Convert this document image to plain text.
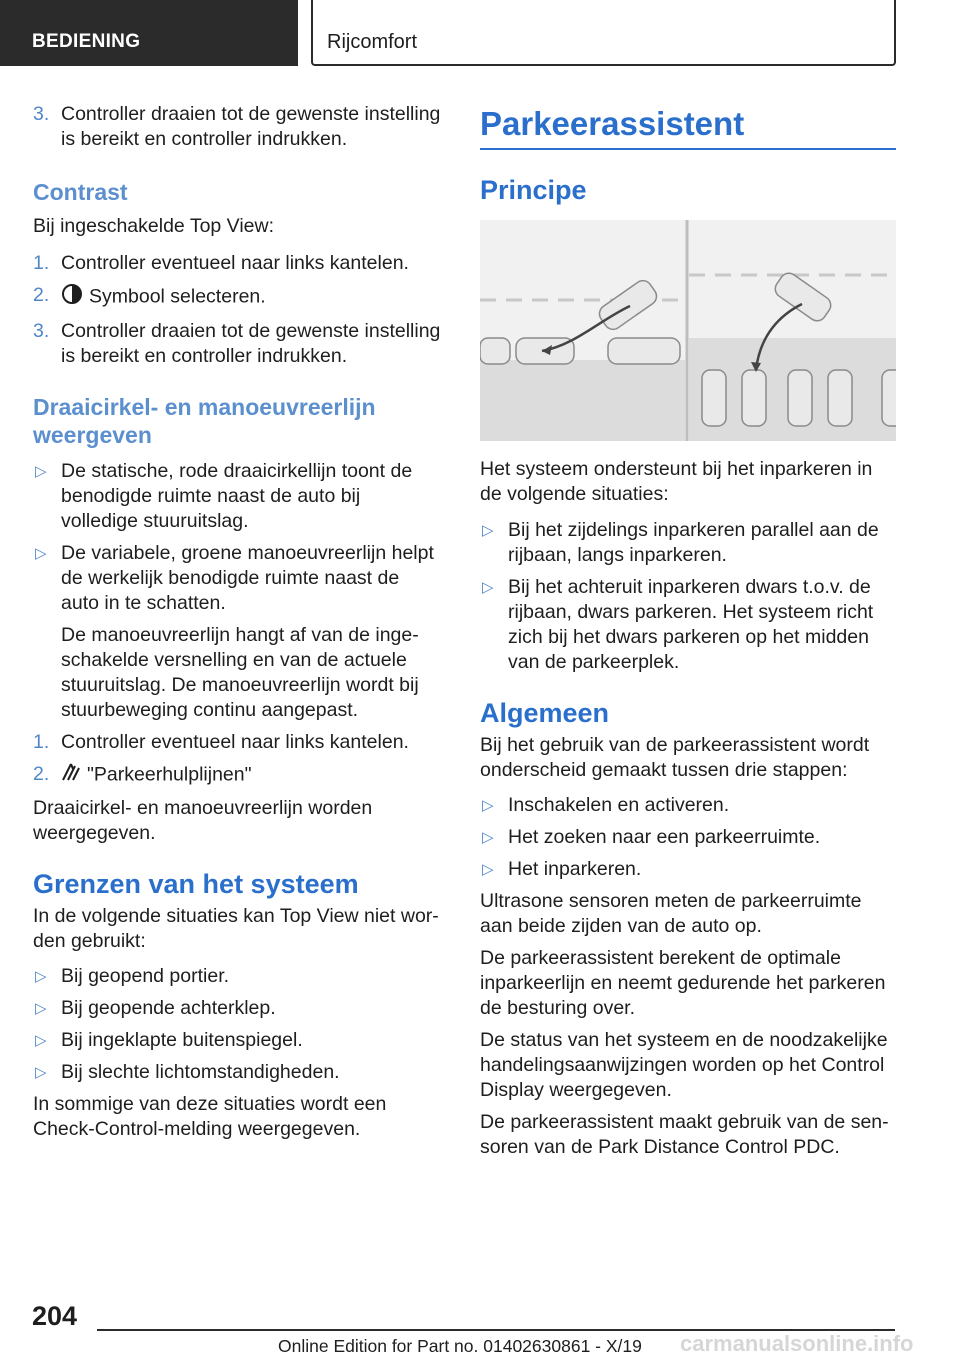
BEDIENING	Rijcomfort
3. Controller draaien tot de gewenste instelling is bereikt en controller indrukken.
Contrast

Bij ingeschakelde Top View:

1. Controller eventueel naar links kantelen.
2. Symbool selecteren.
3. Controller draaien tot de gewenste instelling is bereikt en controller indrukken.
Draaicirkel- en manoeuvreerlijn weergeven
▷ De statische, rode draaicirkellijn toont de benodigde ruimte naast de auto bij volledige stuuruitslag.
▷ De variabele, groene manoeuvreerlijn helpt de werkelijk benodigde ruimte naast de auto in te schatten.

De manoeuvreerlijn hangt af van de ingeschakelde versnelling en van de actuele stuuruitslag. De manoeuvreerlijn wordt bij stuurbeweging continu aangepast.

1. Controller eventueel naar links kantelen.
2. "Parkeerhulplijnen"

Draaicirkel- en manoeuvreerlijn worden weergegeven.

Grenzen van het systeem

In de volgende situaties kan Top View niet worden gebruikt:

▷ Bij geopend portier.
▷ Bij geopende achterklep.
▷ Bij ingeklapte buitenspiegel.
▷ Bij slechte lichtomstandigheden.

In sommige van deze situaties wordt een Check-Control-melding weergegeven.

Parkeerassistent
Principe

Het systeem ondersteunt bij het inparkeren in de volgende situaties:

▷ Bij het zijdelings inparkeren parallel aan de rijbaan, langs inparkeren.
▷ Bij het achteruit inparkeren dwars t.o.v. de rijbaan, dwars parkeren. Het systeem richt zich bij het dwars parkeren op het midden van de parkeerplek.
Algemeen

Bij het gebruik van de parkeerassistent wordt onderscheid gemaakt tussen drie stappen:

▷ Inschakelen en activeren.
▷ Het zoeken naar een parkeerruimte.
▷ Het inparkeren.

Ultrasone sensoren meten de parkeerruimte aan beide zijden van de auto op.

De parkeerassistent berekent de optimale inparkeerlijn en neemt gedurende het parkeren de besturing over.

De status van het systeem en de noodzakelijke handelingsaanwijzingen worden op het Control Display weergegeven.

De parkeerassistent maakt gebruik van de sensoren van de Park Distance Control PDC.

204
Online Edition for Part no. 01402630861 - X/19 carmanualsonline.info
